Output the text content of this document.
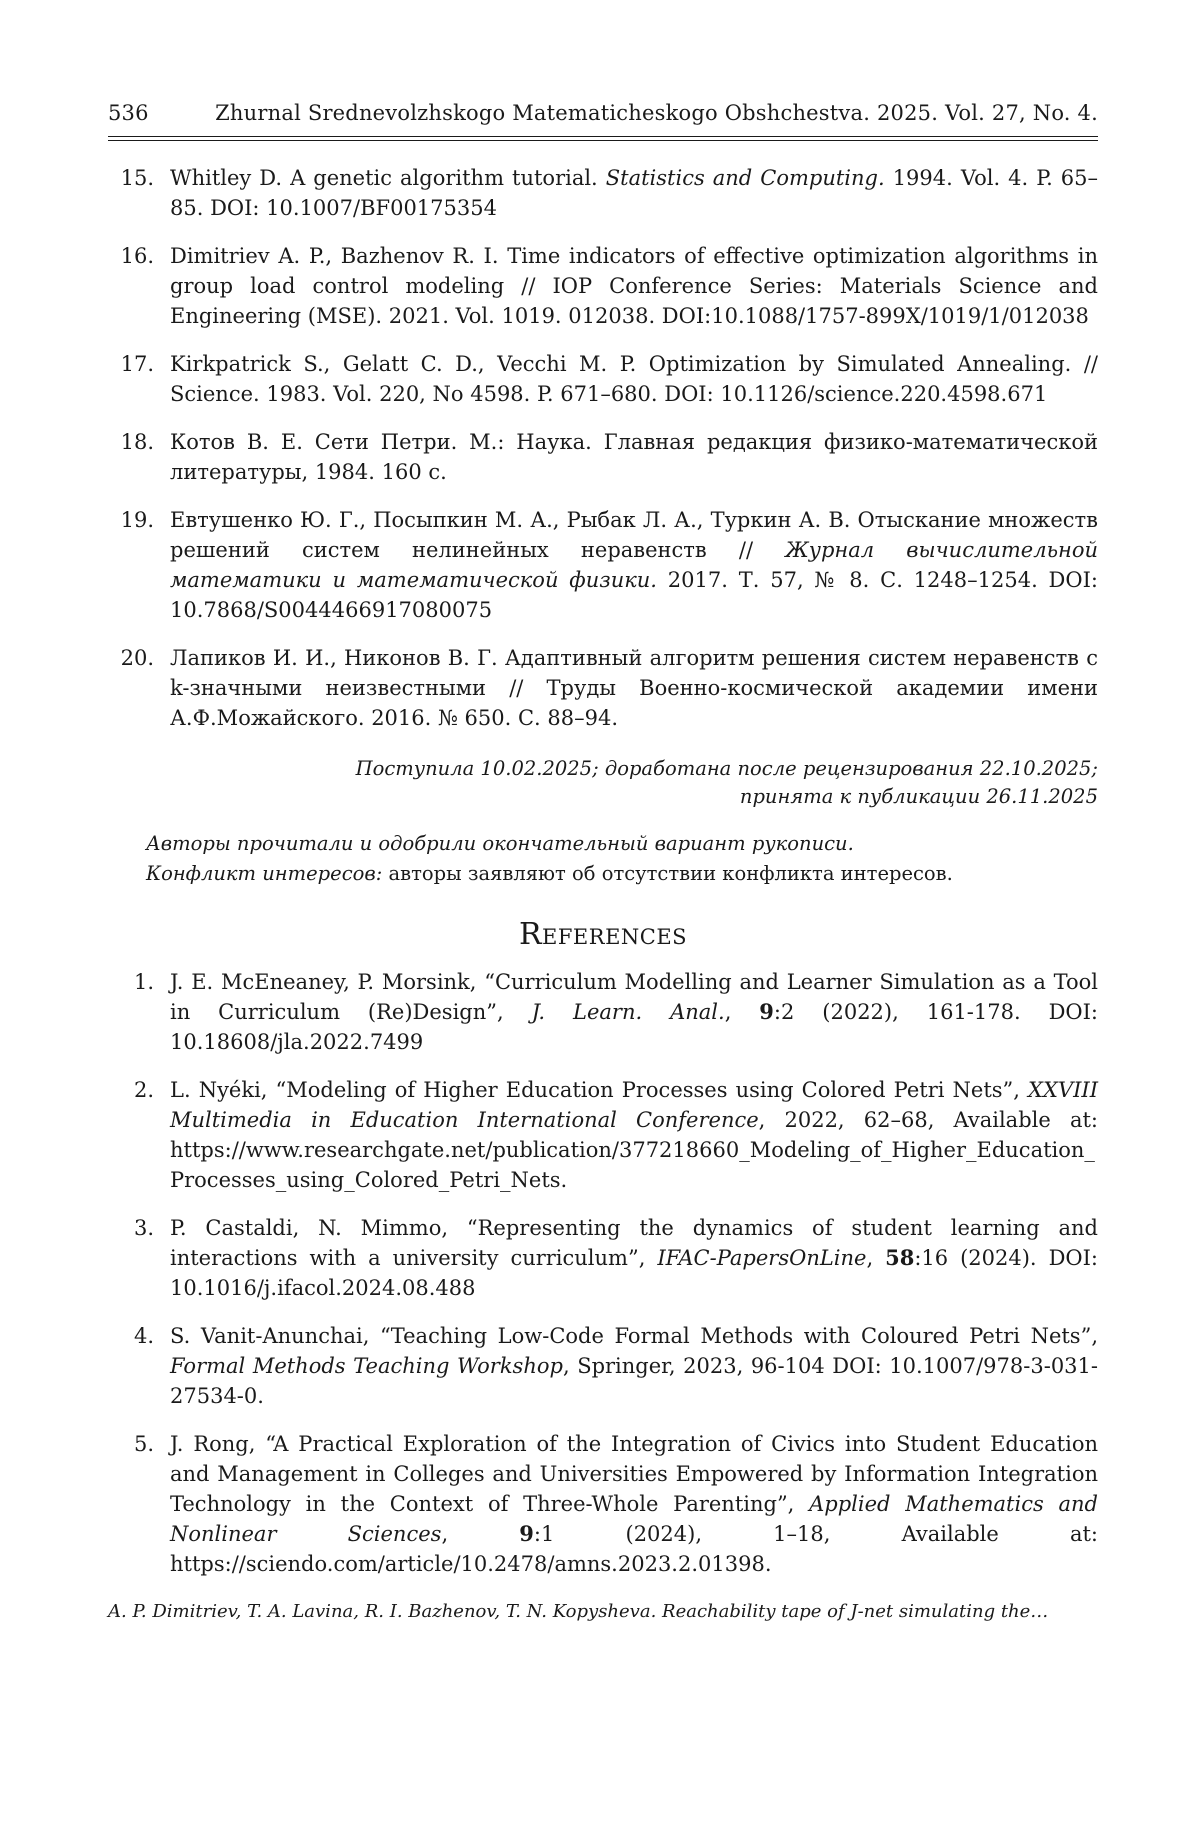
536	Zhurnal Srednevolzhskogo Matematicheskogo Obshchestva. 2025. Vol. 27, No. 4.
15. Whitley D. A genetic algorithm tutorial. Statistics and Computing. 1994. Vol. 4. P. 65–85. DOI: 10.1007/BF00175354
16. Dimitriev A. P., Bazhenov R. I. Time indicators of effective optimization algorithms in group load control modeling // IOP Conference Series: Materials Science and Engineering (MSE). 2021. Vol. 1019. 012038. DOI:10.1088/1757-899X/1019/1/012038
17. Kirkpatrick S., Gelatt C. D., Vecchi M. P. Optimization by Simulated Annealing. // Science. 1983. Vol. 220, No 4598. P. 671–680. DOI: 10.1126/science.220.4598.671
18. Котов В. Е. Сети Петри. М.: Наука. Главная редакция физико-математической литературы, 1984. 160 с.
19. Евтушенко Ю. Г., Посыпкин М. А., Рыбак Л. А., Туркин А. В. Отыскание множеств решений систем нелинейных неравенств // Журнал вычислительной математики и математической физики. 2017. Т. 57, № 8. С. 1248–1254. DOI: 10.7868/S0044466917080075
20. Лапиков И. И., Никонов В. Г. Адаптивный алгоритм решения систем неравенств с k-значными неизвестными // Труды Военно-космической академии имени А.Ф.Можайского. 2016. № 650. С. 88–94.
Поступила 10.02.2025; доработана после рецензирования 22.10.2025;
принята к публикации 26.11.2025
Авторы прочитали и одобрили окончательный вариант рукописи.
Конфликт интересов: авторы заявляют об отсутствии конфликта интересов.
References
1. J. E. McEneaney, P. Morsink, “Curriculum Modelling and Learner Simulation as a Tool in Curriculum (Re)Design”, J. Learn. Anal., 9:2 (2022), 161-178. DOI: 10.18608/jla.2022.7499
2. L. Nyéki, “Modeling of Higher Education Processes using Colored Petri Nets”, XXVIII Multimedia in Education International Conference, 2022, 62–68, Available at: https://www.researchgate.net/publication/377218660_Modeling_of_Higher_Education_Processes_using_Colored_Petri_Nets.
3. P. Castaldi, N. Mimmo, “Representing the dynamics of student learning and interactions with a university curriculum”, IFAC-PapersOnLine, 58:16 (2024). DOI: 10.1016/j.ifacol.2024.08.488
4. S. Vanit-Anunchai, “Teaching Low-Code Formal Methods with Coloured Petri Nets”, Formal Methods Teaching Workshop, Springer, 2023, 96-104 DOI: 10.1007/978-3-031-27534-0.
5. J. Rong, “A Practical Exploration of the Integration of Civics into Student Education and Management in Colleges and Universities Empowered by Information Integration Technology in the Context of Three-Whole Parenting”, Applied Mathematics and Nonlinear Sciences, 9:1 (2024), 1–18, Available at: https://sciendo.com/article/10.2478/amns.2023.2.01398.
A. P. Dimitriev, T. A. Lavina, R. I. Bazhenov, T. N. Kopysheva. Reachability tape of J-net simulating the…
